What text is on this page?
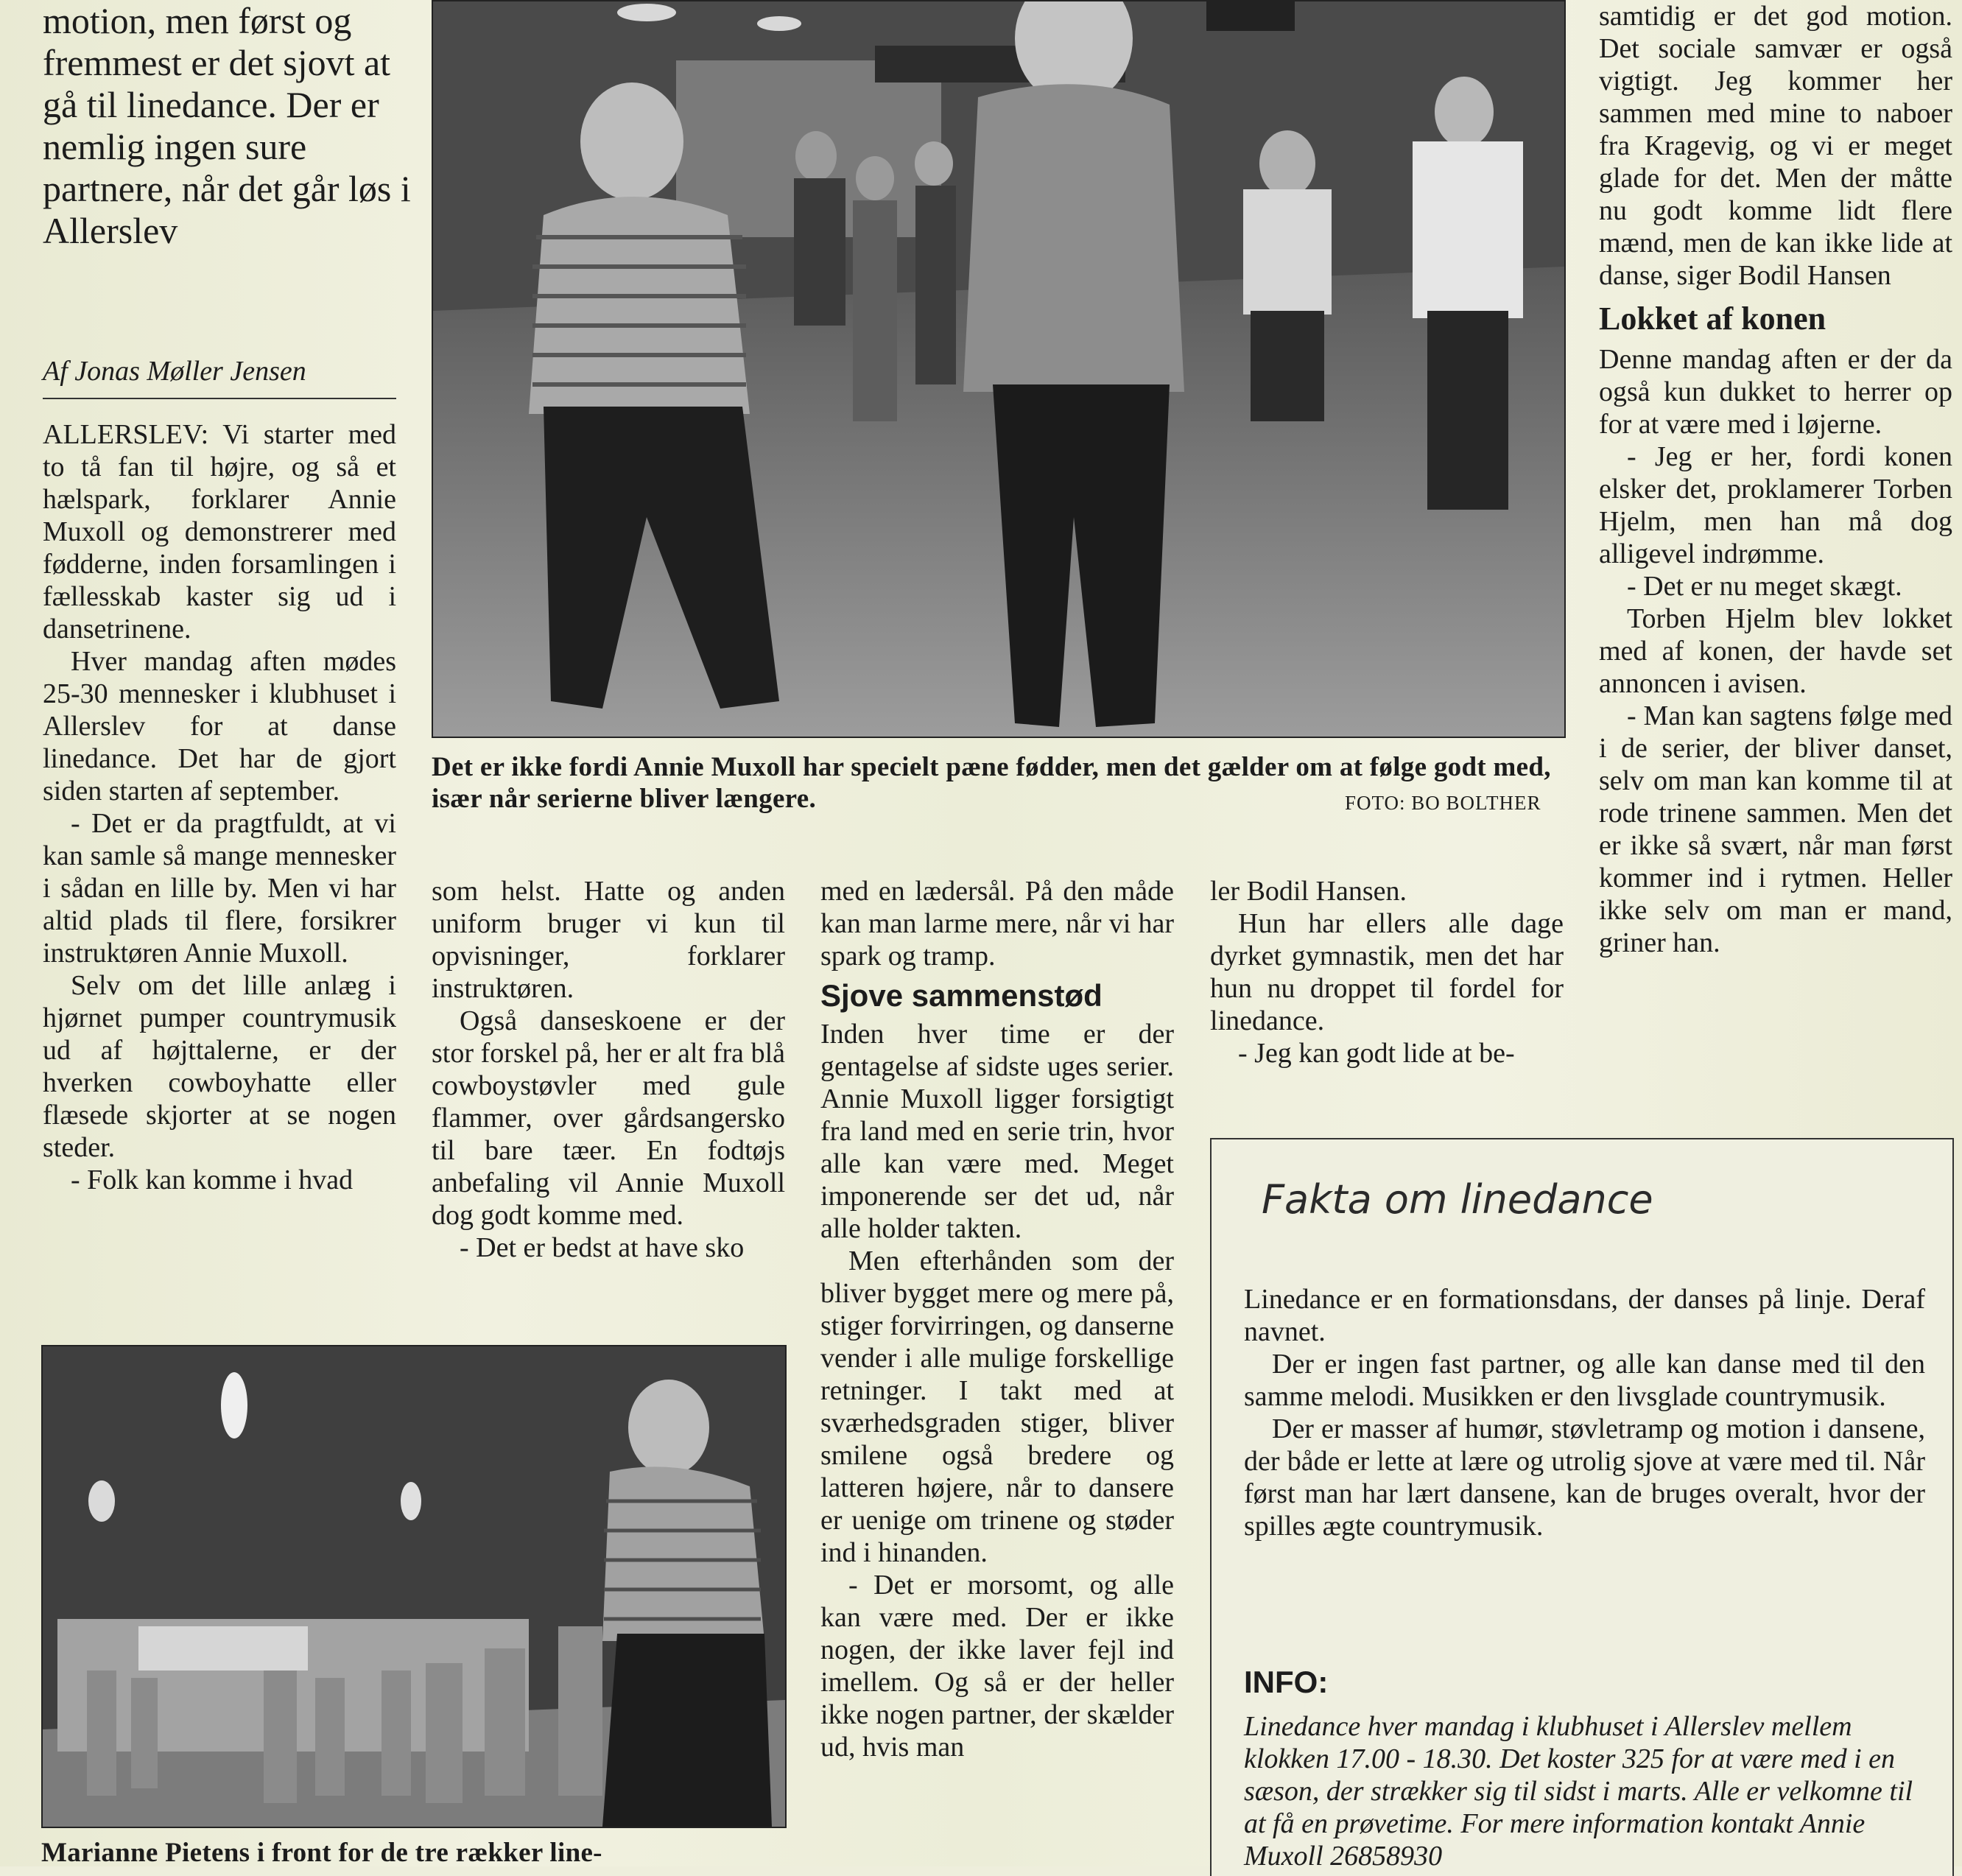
motion, men først og fremmest er det sjovt at gå til linedance. Der er nemlig ingen sure partnere, når det går løs i Allerslev
Af Jonas Møller Jensen

ALLERSLEV: Vi starter med to tå fan til højre, og så et hælspark, forklarer Annie Muxoll og demonstrerer med fødderne, inden forsamlingen i fællesskab kaster sig ud i dansetrinene.

Hver mandag aften mødes 25-30 mennesker i klubhuset i Allerslev for at danse linedance. Det har de gjort siden starten af september.

- Det er da pragtfuldt, at vi kan samle så mange mennesker i sådan en lille by. Men vi har altid plads til flere, forsikrer instruktøren Annie Muxoll.

Selv om det lille anlæg i hjørnet pumper countrymusik ud af højttalerne, er der hverken cowboyhatte eller flæsede skjorter at se nogen steder.

- Folk kan komme i hvad

Det er ikke fordi Annie Muxoll har specielt pæne fødder, men det gælder om at følge godt med, især når serierne bliver længere.	FOTO: BO BOLTHER

som helst. Hatte og anden uniform bruger vi kun til opvisninger, forklarer instruktøren.

Også danseskoene er der stor forskel på, her er alt fra blå cowboystøvler med gule flammer, over gårdsangersko til bare tæer. En fodtøjs anbefaling vil Annie Muxoll dog godt komme med.

- Det er bedst at have sko

med en lædersål. På den måde kan man larme mere, når vi har spark og tramp.

Sjove sammenstød

Inden hver time er der gentagelse af sidste uges serier. Annie Muxoll ligger forsigtigt fra land med en serie trin, hvor alle kan være med. Meget imponerende ser det ud, når alle holder takten.

Men efterhånden som der bliver bygget mere og mere på, stiger forvirringen, og danserne vender i alle mulige forskellige retninger. I takt med at sværhedsgraden stiger, bliver smilene også bredere og latteren højere, når to dansere er uenige om trinene og støder ind i hinanden.

- Det er morsomt, og alle kan være med. Der er ikke nogen, der ikke laver fejl ind imellem. Og så er der heller ikke nogen partner, der skælder ud, hvis man

ler Bodil Hansen.

Hun har ellers alle dage dyrket gymnastik, men det har hun nu droppet til fordel for linedance.

- Jeg kan godt lide at be-

samtidig er det god motion. Det sociale samvær er også vigtigt. Jeg kommer her sammen med mine to naboer fra Kragevig, og vi er meget glade for det. Men der måtte nu godt komme lidt flere mænd, men de kan ikke lide at danse, siger Bodil Hansen

Lokket af konen

Denne mandag aften er der da også kun dukket to herrer op for at være med i løjerne.

- Jeg er her, fordi konen elsker det, proklamerer Torben Hjelm, men han må dog alligevel indrømme.

- Det er nu meget skægt.

Torben Hjelm blev lokket med af konen, der havde set annoncen i avisen.

- Man kan sagtens følge med i de serier, der bliver danset, selv om man kan komme til at rode trinene sammen. Men det er ikke så svært, når man først kommer ind i rytmen. Heller ikke selv om man er mand, griner han.

Marianne Pietens i front for de tre rækker line-
Fakta om linedance

Linedance er en formationsdans, der danses på linje. Deraf navnet.

Der er ingen fast partner, og alle kan danse med til den samme melodi. Musikken er den livsglade countrymusik.

Der er masser af humør, støvletramp og motion i dansene, der både er lette at lære og utrolig sjove at være med til. Når først man har lært dansene, kan de bruges overalt, hvor der spilles ægte countrymusik.

INFO:
Linedance hver mandag i klubhuset i Allerslev mellem klokken 17.00 - 18.30. Det koster 325 for at være med i en sæson, der strækker sig til sidst i marts. Alle er velkomne til at få en prøvetime. For mere information kontakt Annie Muxoll 26858930
